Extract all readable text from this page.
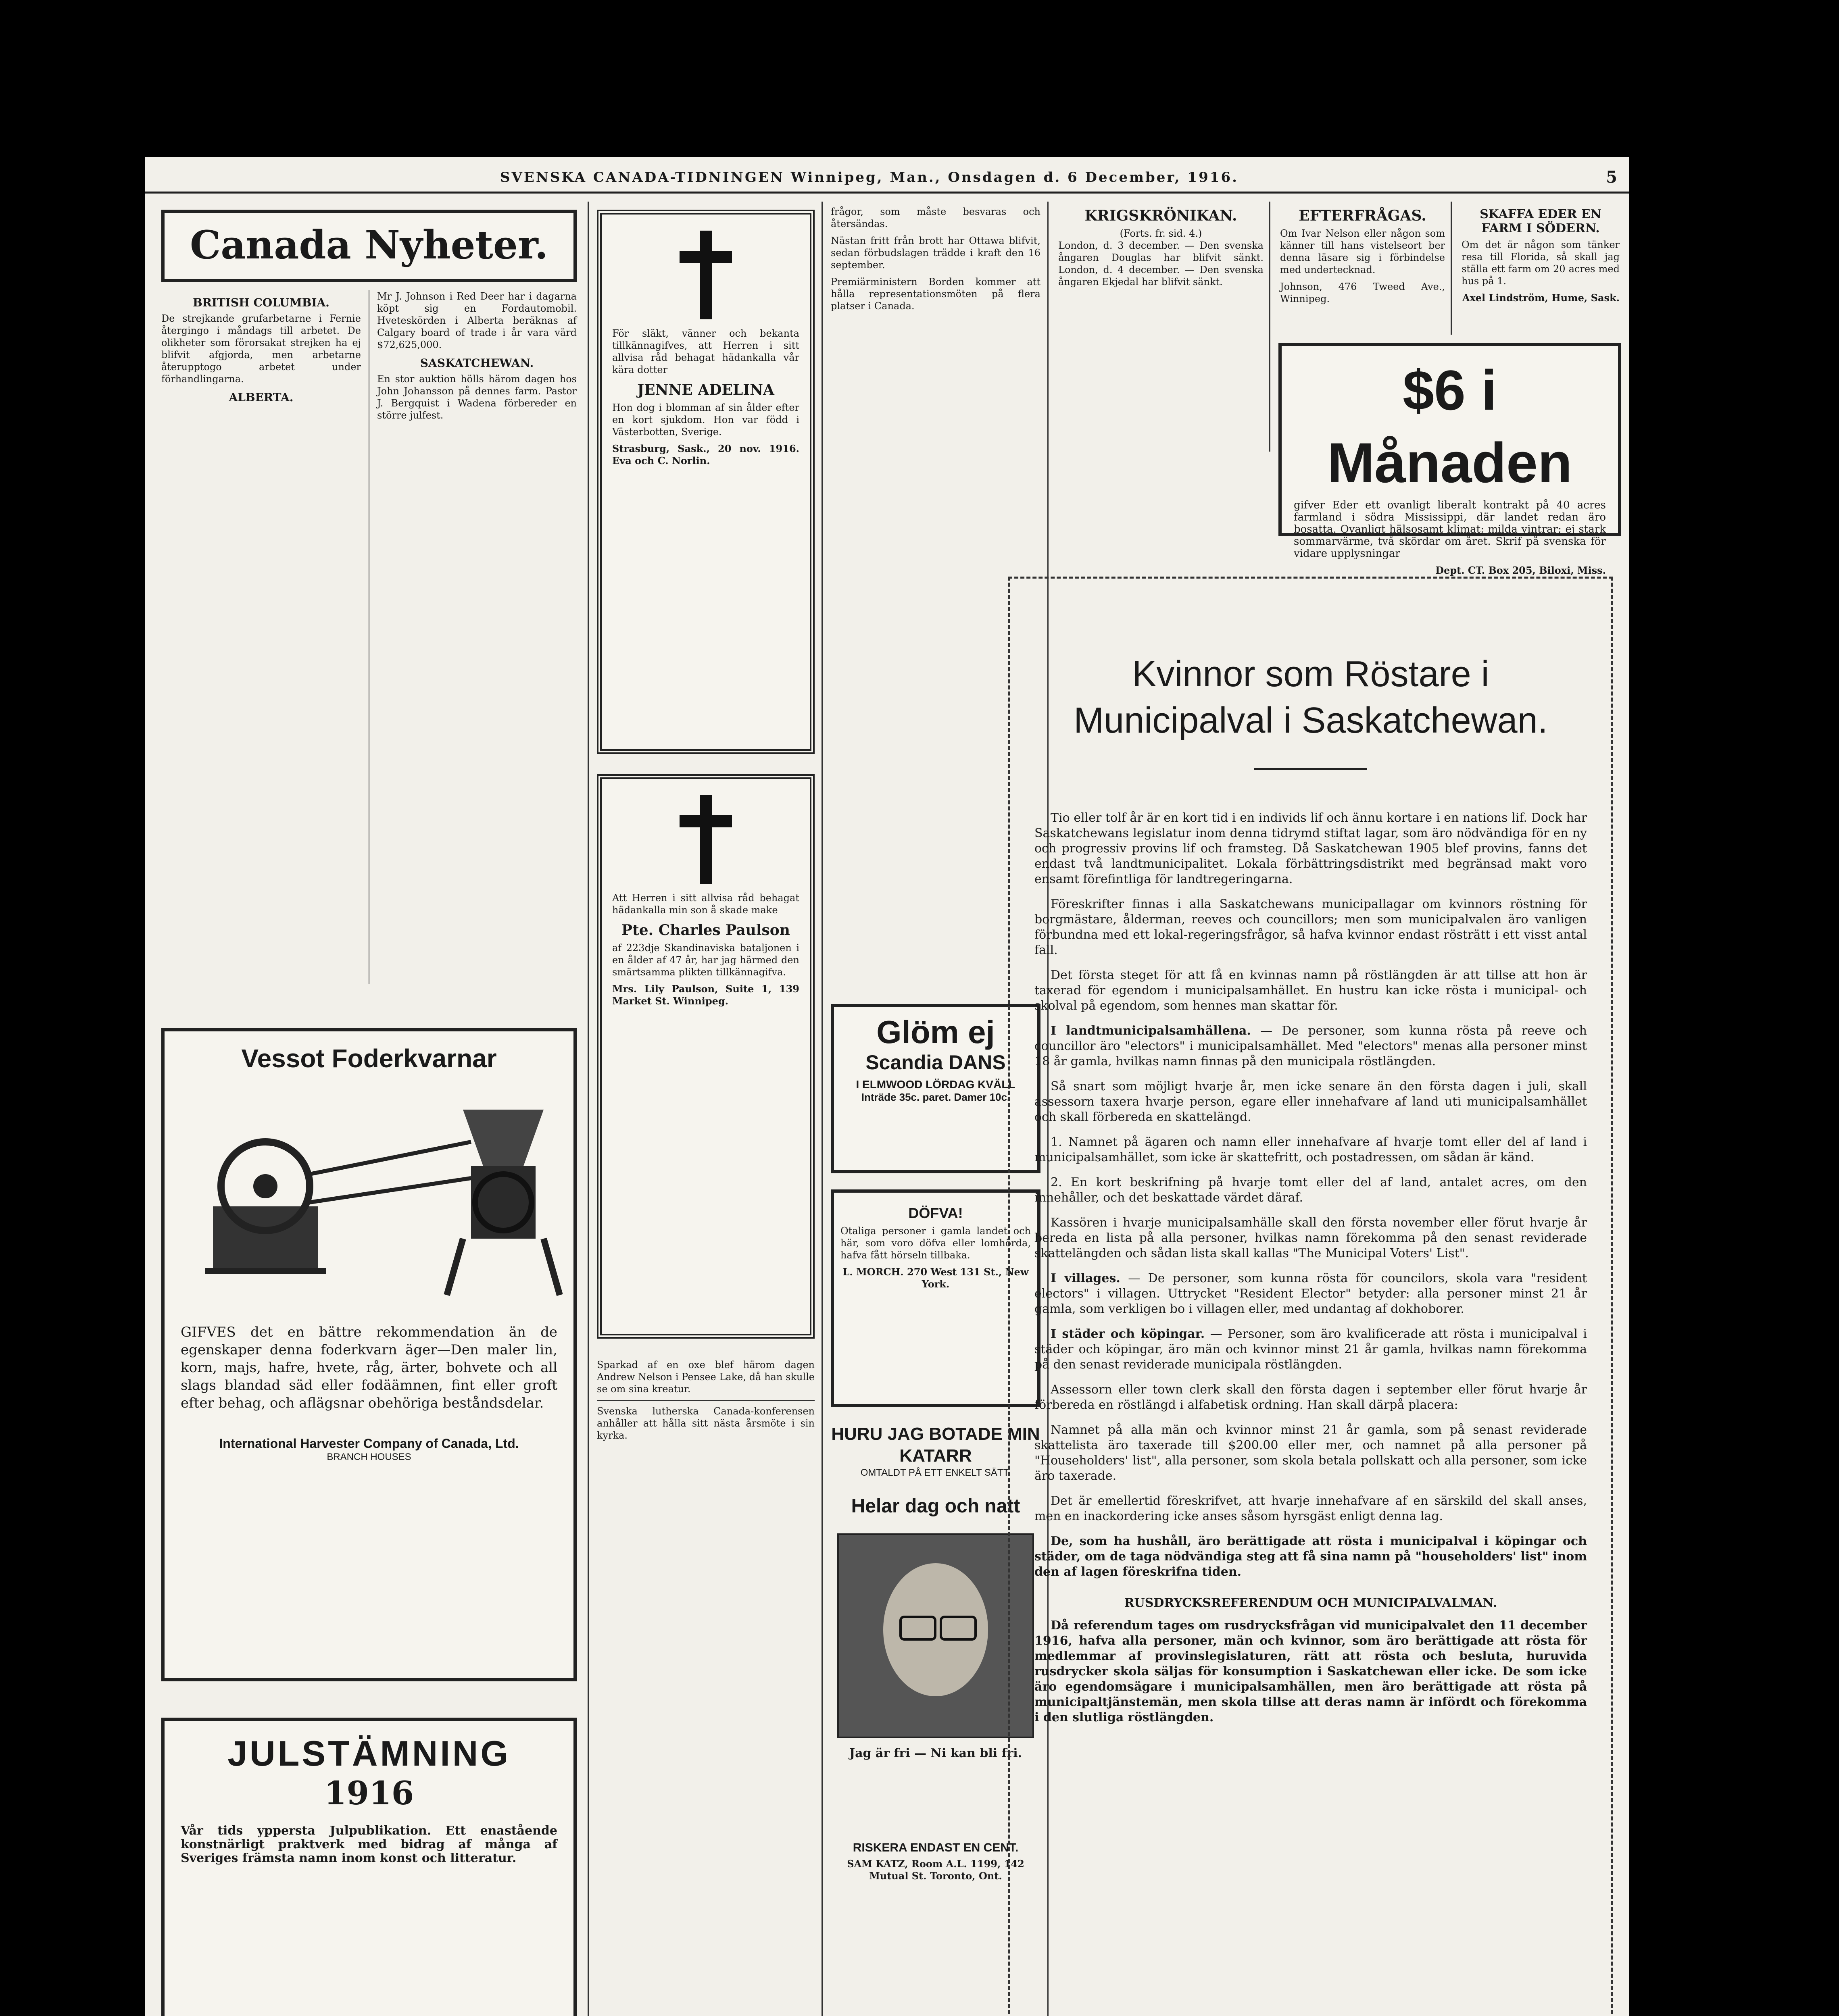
SVENSKA CANADA-TIDNINGEN Winnipeg, Man., Onsdagen d. 6 December, 1916.	5
Canada Nyheter.
BRITISH COLUMBIA.

De strejkande grufarbetarne i Fernie återgingo i måndags till arbetet. De olikheter som förorsakat strejken ha ej blifvit afgjorda, men arbetarne återupptogo arbetet under förhandlingarna.

ALBERTA.

Mr J. Johnson i Red Deer har i dagarna köpt sig en Fordautomobil. Hveteskörden i Alberta beräknas af Calgary board of trade i år vara värd $72,625,000.

SASKATCHEWAN.

En stor auktion hölls härom dagen hos John Johansson på dennes farm. Pastor J. Bergquist i Wadena förbereder en större julfest.

Vessot Foderkvarnar

GIFVES det en bättre rekommendation än de egenskaper denna foderkvarn äger—Den maler lin, korn, majs, hafre, hvete, råg, ärter, bohvete och all slags blandad säd eller fodäämnen, fint eller groft efter behag, och aflägsnar obehöriga beståndsdelar.

International Harvester Company of Canada, Ltd.
BRANCH HOUSES
JULSTÄMNING
1916

Vår tids yppersta Julpublikation. Ett enastående konstnärligt praktverk med bidrag af många af Sveriges främsta namn inom konst och litteratur.

För släkt, vänner och bekanta tillkännagifves, att Herren i sitt allvisa råd behagat hädankalla vår kära dotter

JENNE ADELINA

Hon dog i blomman af sin ålder efter en kort sjukdom. Hon var född i Västerbotten, Sverige.

Strasburg, Sask., 20 nov. 1916. Eva och C. Norlin.

Att Herren i sitt allvisa råd behagat hädankalla min son å skade make

Pte. Charles Paulson

af 223dje Skandinaviska bataljonen i en ålder af 47 år, har jag härmed den smärtsamma plikten tillkännagifva.

Mrs. Lily Paulson, Suite 1, 139 Market St. Winnipeg.

Sparkad af en oxe blef härom dagen Andrew Nelson i Pensee Lake, då han skulle se om sina kreatur.

Svenska lutherska Canada-konferensen anhåller att hålla sitt nästa årsmöte i sin kyrka.

frågor, som måste besvaras och återsändas.

Nästan fritt från brott har Ottawa blifvit, sedan förbudslagen trädde i kraft den 16 september.

Premiärministern Borden kommer att hålla representationsmöten på flera platser i Canada.

Glöm ej
Scandia DANS
I ELMWOOD LÖRDAG KVÄLL
Inträde 35c. paret. Damer 10c.
DÖFVA!

Otaliga personer i gamla landet och här, som voro döfva eller lomhörda, hafva fått hörseln tillbaka.

L. MORCH. 270 West 131 St., New York.

HURU JAG BOTADE MIN KATARR
OMTALDT PÅ ETT ENKELT SÄTT.
Helar dag och natt
Jag är fri — Ni kan bli fri.
RISKERA ENDAST EN CENT.
SAM KATZ, Room A.L. 1199, 142 Mutual St. Toronto, Ont.
KRIGSKRÖNIKAN.
(Forts. fr. sid. 4.)

London, d. 3 december. — Den svenska ångaren Douglas har blifvit sänkt. London, d. 4 december. — Den svenska ångaren Ekjedal har blifvit sänkt.

EFTERFRÅGAS.

Om Ivar Nelson eller någon som känner till hans vistelseort ber denna läsare sig i förbindelse med undertecknad.

Johnson, 476 Tweed Ave., Winnipeg.

SKAFFA EDER EN FARM I SÖDERN.

Om det är någon som tänker resa till Florida, så skall jag ställa ett farm om 20 acres med hus på 1.

Axel Lindström, Hume, Sask.

$6 i Månaden

gifver Eder ett ovanligt liberalt kontrakt på 40 acres farmland i södra Mississippi, där landet redan äro bosatta. Ovanligt hälsosamt klimat; milda vintrar; ej stark sommarvärme, två skördar om året. Skrif på svenska för vidare upplysningar

Dept. CT. Box 205, Biloxi, Miss.

Kvinnor som Röstare i Municipalval i Saskatchewan.

Tio eller tolf år är en kort tid i en individs lif och ännu kortare i en nations lif. Dock har Saskatchewans legislatur inom denna tidrymd stiftat lagar, som äro nödvändiga för en ny och progressiv provins lif och framsteg. Då Saskatchewan 1905 blef provins, fanns det endast två landtmunicipalitet. Lokala förbättringsdistrikt med begränsad makt voro ensamt förefintliga för landtregeringarna.

Föreskrifter finnas i alla Saskatchewans municipallagar om kvinnors röstning för borgmästare, ålderman, reeves och councillors; men som municipalvalen äro vanligen förbundna med ett lokal-regeringsfrågor, så hafva kvinnor endast rösträtt i ett visst antal fall.

Det första steget för att få en kvinnas namn på röstlängden är att tillse att hon är taxerad för egendom i municipalsamhället. En hustru kan icke rösta i municipal- och skolval på egendom, som hennes man skattar för.

I landtmunicipalsamhällena. — De personer, som kunna rösta på reeve och councillor äro "electors" i municipalsamhället. Med "electors" menas alla personer minst 18 år gamla, hvilkas namn finnas på den municipala röstlängden.

Så snart som möjligt hvarje år, men icke senare än den första dagen i juli, skall assessorn taxera hvarje person, egare eller innehafvare af land uti municipalsamhället och skall förbereda en skattelängd.

1. Namnet på ägaren och namn eller innehafvare af hvarje tomt eller del af land i municipalsamhället, som icke är skattefritt, och postadressen, om sådan är känd.

2. En kort beskrifning på hvarje tomt eller del af land, antalet acres, om den innehåller, och det beskattade värdet däraf.

Kassören i hvarje municipalsamhälle skall den första november eller förut hvarje år bereda en lista på alla personer, hvilkas namn förekomma på den senast reviderade skattelängden och sådan lista skall kallas "The Municipal Voters' List".

I villages. — De personer, som kunna rösta för councilors, skola vara "resident electors" i villagen. Uttrycket "Resident Elector" betyder: alla personer minst 21 år gamla, som verkligen bo i villagen eller, med undantag af dokhoborer.

I städer och köpingar. — Personer, som äro kvalificerade att rösta i municipalval i städer och köpingar, äro män och kvinnor minst 21 år gamla, hvilkas namn förekomma på den senast reviderade municipala röstlängden.

Assessorn eller town clerk skall den första dagen i september eller förut hvarje år förbereda en röstlängd i alfabetisk ordning. Han skall därpå placera:

Namnet på alla män och kvinnor minst 21 år gamla, som på senast reviderade skattelista äro taxerade till $200.00 eller mer, och namnet på alla personer på "Householders' list", alla personer, som skola betala pollskatt och alla personer, som icke äro taxerade.

Det är emellertid föreskrifvet, att hvarje innehafvare af en särskild del skall anses, men en inackordering icke anses såsom hyrsgäst enligt denna lag.

De, som ha hushåll, äro berättigade att rösta i municipalval i köpingar och städer, om de taga nödvändiga steg att få sina namn på "householders' list" inom den af lagen föreskrifna tiden.

RUSDRYCKSREFERENDUM OCH MUNICIPALVALMAN.

Då referendum tages om rusdrycksfrågan vid municipalvalet den 11 december 1916, hafva alla personer, män och kvinnor, som äro berättigade att rösta för medlemmar af provinslegislaturen, rätt att rösta och besluta, huruvida rusdrycker skola säljas för konsumption i Saskatchewan eller icke. De som icke äro egendomsägare i municipalsamhällen, men äro berättigade att rösta på municipaltjänstemän, men skola tillse att deras namn är infördt och förekomma i den slutliga röstlängden.
